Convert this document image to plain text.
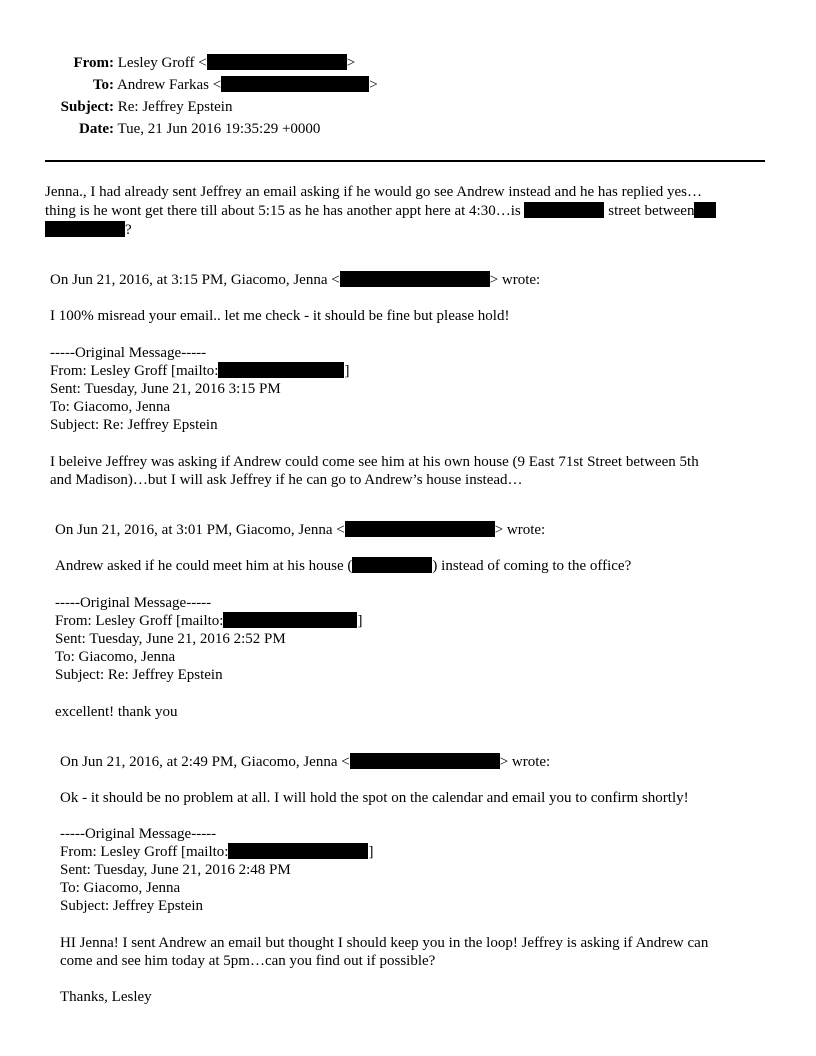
From: Lesley Groff <	>
To: Andrew Farkas <	>
Subject: Re: Jeffrey Epstein
Date: Tue, 21 Jun 2016 19:35:29 +0000
Jenna., I had already sent Jeffrey an email asking if he would go see Andrew instead and he has replied yes…
thing is he wont get there till about 5:15 as he has another appt here at 4:30…is	street between
?
On Jun 21, 2016, at 3:15 PM, Giacomo, Jenna <	> wrote:
I 100% misread your email.. let me check - it should be fine but please hold!
-----Original Message-----
From: Lesley Groff [mailto:	]
Sent: Tuesday, June 21, 2016 3:15 PM
To: Giacomo, Jenna
Subject: Re: Jeffrey Epstein
I beleive Jeffrey was asking if Andrew could come see him at his own house (9 East 71st Street between 5th
and Madison)…but I will ask Jeffrey if he can go to Andrew’s house instead…
On Jun 21, 2016, at 3:01 PM, Giacomo, Jenna <	> wrote:
Andrew asked if he could meet him at his house (	) instead of coming to the office?
-----Original Message-----
From: Lesley Groff [mailto:	]
Sent: Tuesday, June 21, 2016 2:52 PM
To: Giacomo, Jenna
Subject: Re: Jeffrey Epstein
excellent! thank you
On Jun 21, 2016, at 2:49 PM, Giacomo, Jenna <	> wrote:
Ok - it should be no problem at all. I will hold the spot on the calendar and email you to confirm shortly!
-----Original Message-----
From: Lesley Groff [mailto:	]
Sent: Tuesday, June 21, 2016 2:48 PM
To: Giacomo, Jenna
Subject: Jeffrey Epstein
HI Jenna! I sent Andrew an email but thought I should keep you in the loop! Jeffrey is asking if Andrew can
come and see him today at 5pm…can you find out if possible?
Thanks, Lesley
